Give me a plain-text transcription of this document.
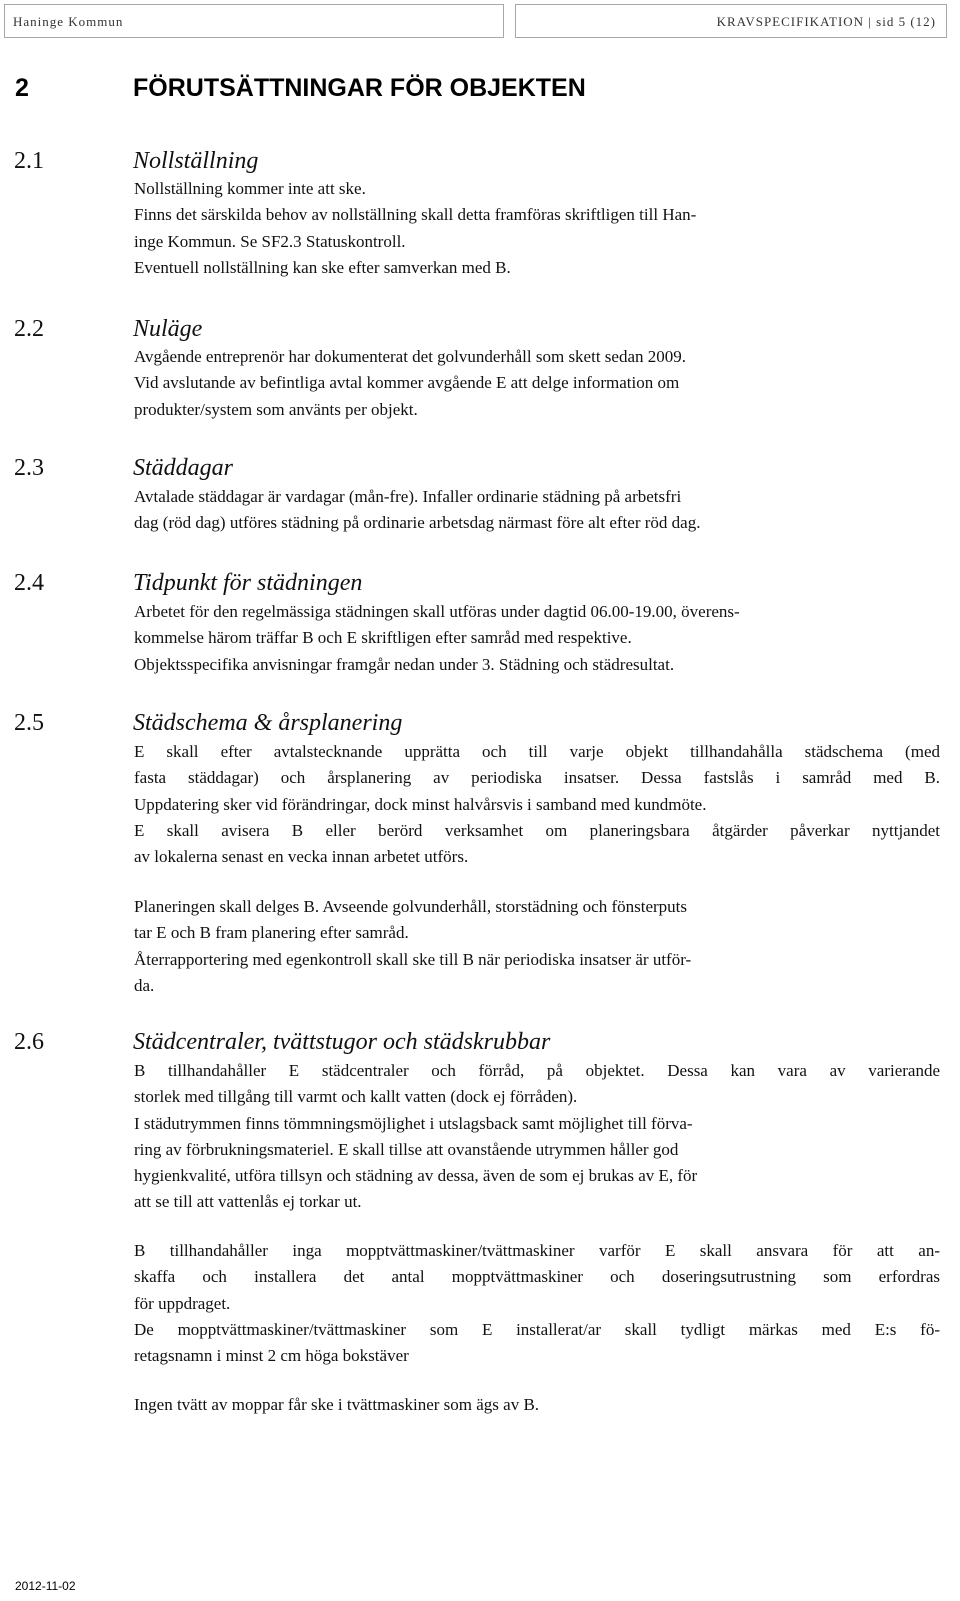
Haninge Kommun	KRAVSPECIFIKATION | sid 5 (12)
2	FÖRUTSÄTTNINGAR FÖR OBJEKTEN
2.1	Nollställning
Nollställning kommer inte att ske.
Finns det särskilda behov av nollställning skall detta framföras skriftligen till Han-
inge Kommun. Se SF2.3 Statuskontroll.
Eventuell nollställning kan ske efter samverkan med B.
2.2	Nuläge
Avgående entreprenör har dokumenterat det golvunderhåll som skett sedan 2009.
Vid avslutande av befintliga avtal kommer avgående E att delge information om
produkter/system som använts per objekt.
2.3	Städdagar
Avtalade städdagar är vardagar (mån-fre). Infaller ordinarie städning på arbetsfri
dag (röd dag) utföres städning på ordinarie arbetsdag närmast före alt efter röd dag.
2.4	Tidpunkt för städningen
Arbetet för den regelmässiga städningen skall utföras under dagtid 06.00-19.00, överens-
kommelse härom träffar B och E skriftligen efter samråd med respektive.
Objektsspecifika anvisningar framgår nedan under 3. Städning och städresultat.
2.5	Städschema & årsplanering
E skall efter avtalstecknande upprätta och till varje objekt tillhandahålla städschema (med
fasta städdagar) och årsplanering av periodiska insatser. Dessa fastslås i samråd med B.
Uppdatering sker vid förändringar, dock minst halvårsvis i samband med kundmöte.
E skall avisera B eller berörd verksamhet om planeringsbara åtgärder påverkar nyttjandet
av lokalerna senast en vecka innan arbetet utförs.
Planeringen skall delges B. Avseende golvunderhåll, storstädning och fönsterputs
tar E och B fram planering efter samråd.
Återrapportering med egenkontroll skall ske till B när periodiska insatser är utför-
da.
2.6	Städcentraler, tvättstugor och städskrubbar
B tillhandahåller E städcentraler och förråd, på objektet. Dessa kan vara av varierande
storlek med tillgång till varmt och kallt vatten (dock ej förråden).
I städutrymmen finns tömmningsmöjlighet i utslagsback samt möjlighet till förva-
ring av förbrukningsmateriel. E skall tillse att ovanstående utrymmen håller god
hygienkvalité, utföra tillsyn och städning av dessa, även de som ej brukas av E, för
att se till att vattenlås ej torkar ut.
B tillhandahåller inga mopptvättmaskiner/tvättmaskiner varför E skall ansvara för att an-
skaffa och installera det antal mopptvättmaskiner och doseringsutrustning som erfordras
för uppdraget.
De mopptvättmaskiner/tvättmaskiner som E installerat/ar skall tydligt märkas med E:s fö-
retagsnamn i minst 2 cm höga bokstäver
Ingen tvätt av moppar får ske i tvättmaskiner som ägs av B.
2012-11-02
